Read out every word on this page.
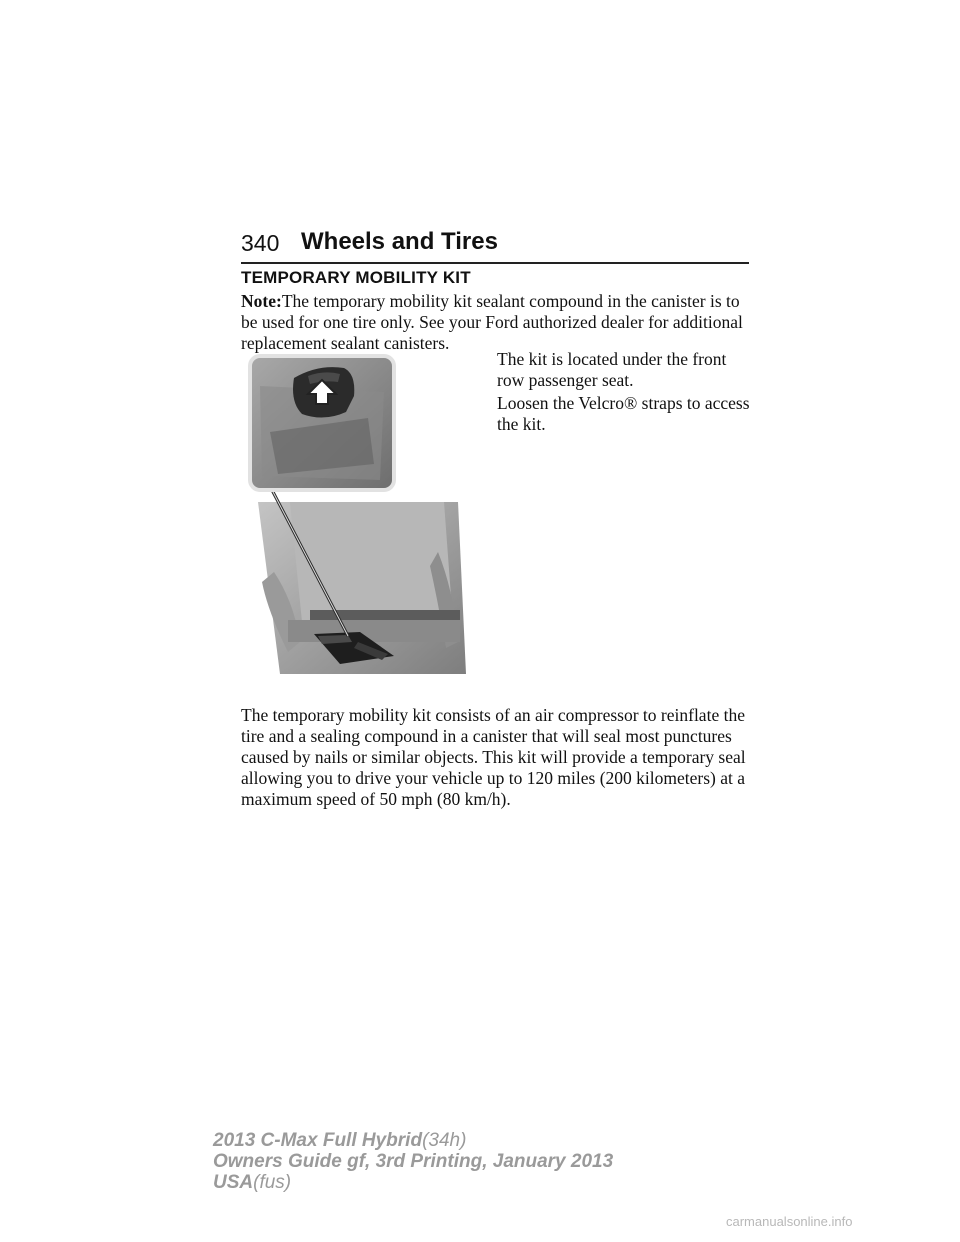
340 Wheels and Tires
TEMPORARY MOBILITY KIT

Note:The temporary mobility kit sealant compound in the canister is to be used for one tire only. See your Ford authorized dealer for additional replacement sealant canisters.

The kit is located under the front row passenger seat.

Loosen the Velcro® straps to access the kit.

The temporary mobility kit consists of an air compressor to reinflate the tire and a sealing compound in a canister that will seal most punctures caused by nails or similar objects. This kit will provide a temporary seal allowing you to drive your vehicle up to 120 miles (200 kilometers) at a maximum speed of 50 mph (80 km/h).

2013 C-Max Full Hybrid(34h)
Owners Guide gf, 3rd Printing, January 2013
USA(fus)
carmanualsonline.info
